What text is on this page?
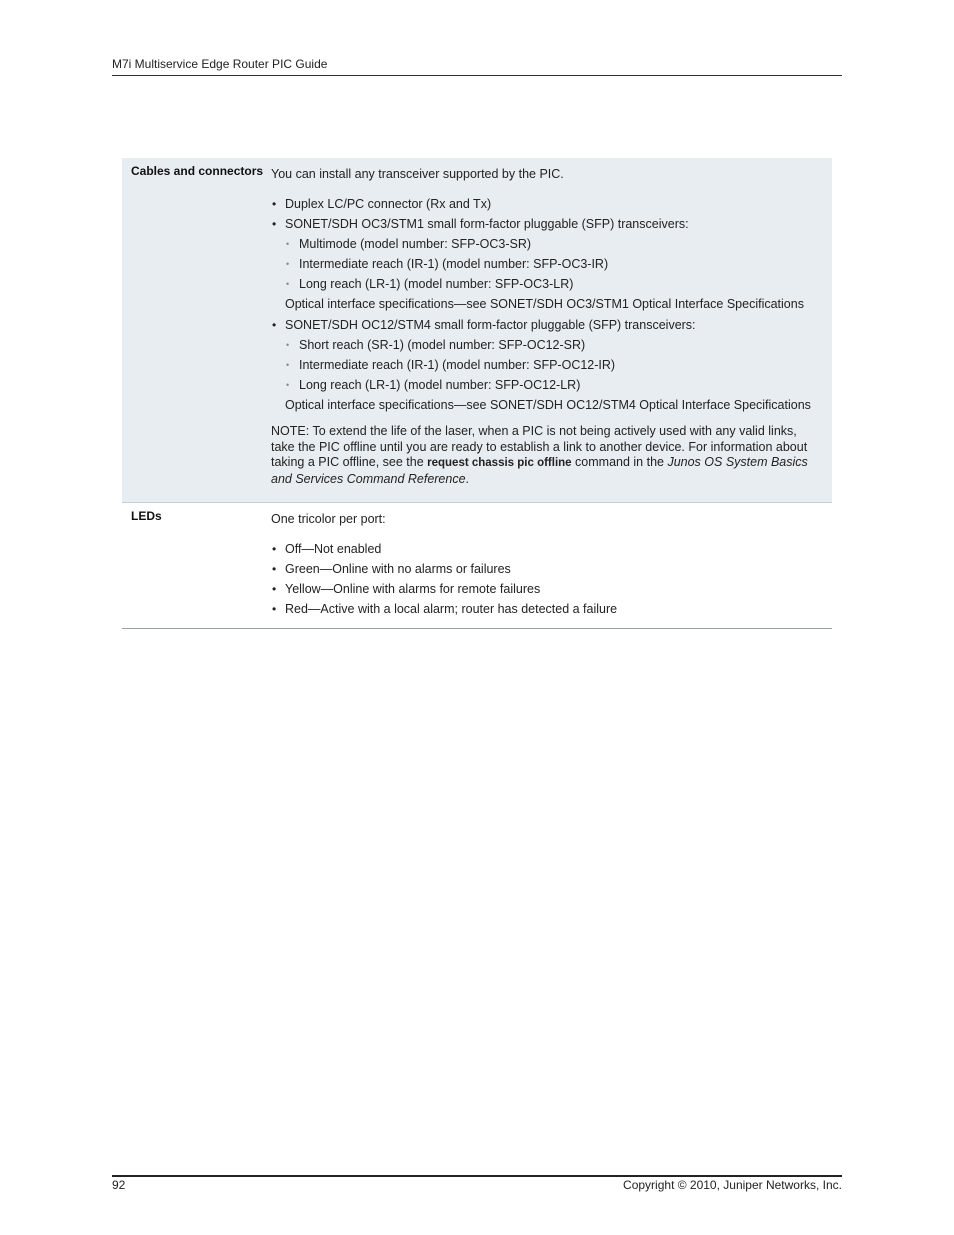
M7i Multiservice Edge Router PIC Guide
Cables and connectors You can install any transceiver supported by the PIC.
• Duplex LC/PC connector (Rx and Tx)
• SONET/SDH OC3/STM1 small form-factor pluggable (SFP) transceivers:
• Multimode (model number: SFP-OC3-SR)
• Intermediate reach (IR-1) (model number: SFP-OC3-IR)
• Long reach (LR-1) (model number: SFP-OC3-LR)
Optical interface specifications—see SONET/SDH OC3/STM1 Optical Interface Specifications
• SONET/SDH OC12/STM4 small form-factor pluggable (SFP) transceivers:
• Short reach (SR-1) (model number: SFP-OC12-SR)
• Intermediate reach (IR-1) (model number: SFP-OC12-IR)
• Long reach (LR-1) (model number: SFP-OC12-LR)
Optical interface specifications—see SONET/SDH OC12/STM4 Optical Interface Specifications
NOTE: To extend the life of the laser, when a PIC is not being actively used with any valid links, take the PIC offline until you are ready to establish a link to another device. For information about taking a PIC offline, see the request chassis pic offline command in the Junos OS System Basics and Services Command Reference.
LEDs	One tricolor per port:
• Off—Not enabled
• Green—Online with no alarms or failures
• Yellow—Online with alarms for remote failures
• Red—Active with a local alarm; router has detected a failure
92	Copyright © 2010, Juniper Networks, Inc.
